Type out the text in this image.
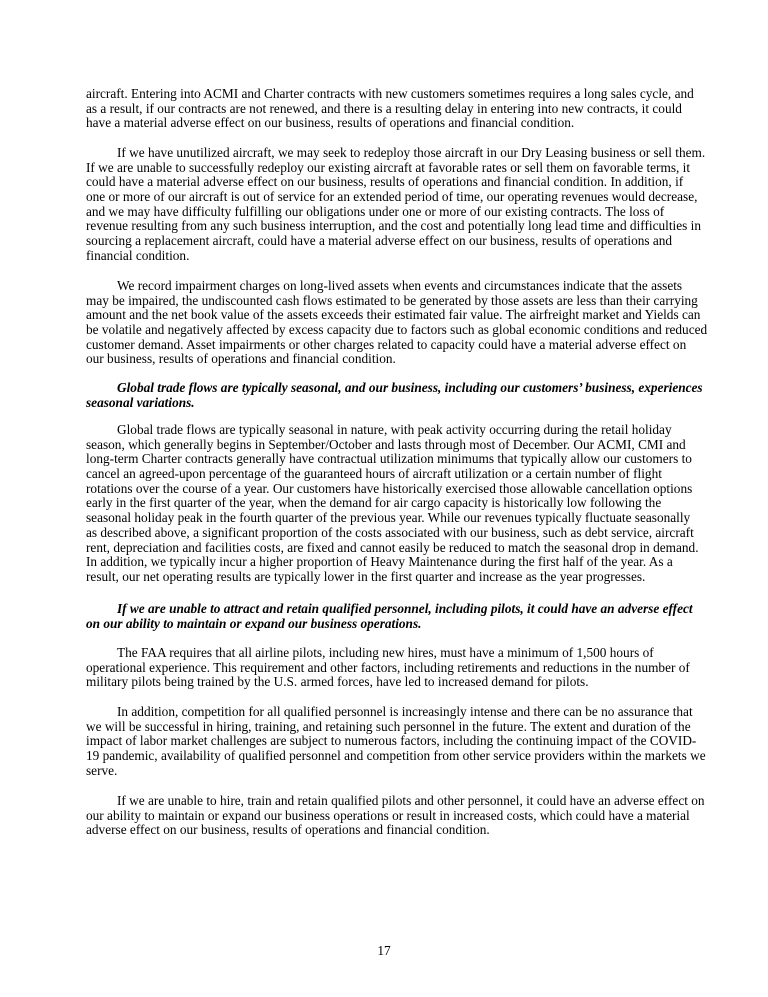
aircraft. Entering into ACMI and Charter contracts with new customers sometimes requires a long sales cycle, and
as a result, if our contracts are not renewed, and there is a resulting delay in entering into new contracts, it could
have a material adverse effect on our business, results of operations and financial condition.
If we have unutilized aircraft, we may seek to redeploy those aircraft in our Dry Leasing business or sell them.
If we are unable to successfully redeploy our existing aircraft at favorable rates or sell them on favorable terms, it
could have a material adverse effect on our business, results of operations and financial condition. In addition, if
one or more of our aircraft is out of service for an extended period of time, our operating revenues would decrease,
and we may have difficulty fulfilling our obligations under one or more of our existing contracts. The loss of
revenue resulting from any such business interruption, and the cost and potentially long lead time and difficulties in
sourcing a replacement aircraft, could have a material adverse effect on our business, results of operations and
financial condition.
We record impairment charges on long-lived assets when events and circumstances indicate that the assets
may be impaired, the undiscounted cash flows estimated to be generated by those assets are less than their carrying
amount and the net book value of the assets exceeds their estimated fair value. The airfreight market and Yields can
be volatile and negatively affected by excess capacity due to factors such as global economic conditions and reduced
customer demand. Asset impairments or other charges related to capacity could have a material adverse effect on
our business, results of operations and financial condition.
Global trade flows are typically seasonal, and our business, including our customers’ business, experiences
seasonal variations.
Global trade flows are typically seasonal in nature, with peak activity occurring during the retail holiday
season, which generally begins in September/October and lasts through most of December. Our ACMI, CMI and
long-term Charter contracts generally have contractual utilization minimums that typically allow our customers to
cancel an agreed-upon percentage of the guaranteed hours of aircraft utilization or a certain number of flight
rotations over the course of a year. Our customers have historically exercised those allowable cancellation options
early in the first quarter of the year, when the demand for air cargo capacity is historically low following the
seasonal holiday peak in the fourth quarter of the previous year. While our revenues typically fluctuate seasonally
as described above, a significant proportion of the costs associated with our business, such as debt service, aircraft
rent, depreciation and facilities costs, are fixed and cannot easily be reduced to match the seasonal drop in demand.
In addition, we typically incur a higher proportion of Heavy Maintenance during the first half of the year. As a
result, our net operating results are typically lower in the first quarter and increase as the year progresses.
If we are unable to attract and retain qualified personnel, including pilots, it could have an adverse effect
on our ability to maintain or expand our business operations.
The FAA requires that all airline pilots, including new hires, must have a minimum of 1,500 hours of
operational experience. This requirement and other factors, including retirements and reductions in the number of
military pilots being trained by the U.S. armed forces, have led to increased demand for pilots.
In addition, competition for all qualified personnel is increasingly intense and there can be no assurance that
we will be successful in hiring, training, and retaining such personnel in the future. The extent and duration of the
impact of labor market challenges are subject to numerous factors, including the continuing impact of the COVID-
19 pandemic, availability of qualified personnel and competition from other service providers within the markets we
serve.
If we are unable to hire, train and retain qualified pilots and other personnel, it could have an adverse effect on
our ability to maintain or expand our business operations or result in increased costs, which could have a material
adverse effect on our business, results of operations and financial condition.
17
